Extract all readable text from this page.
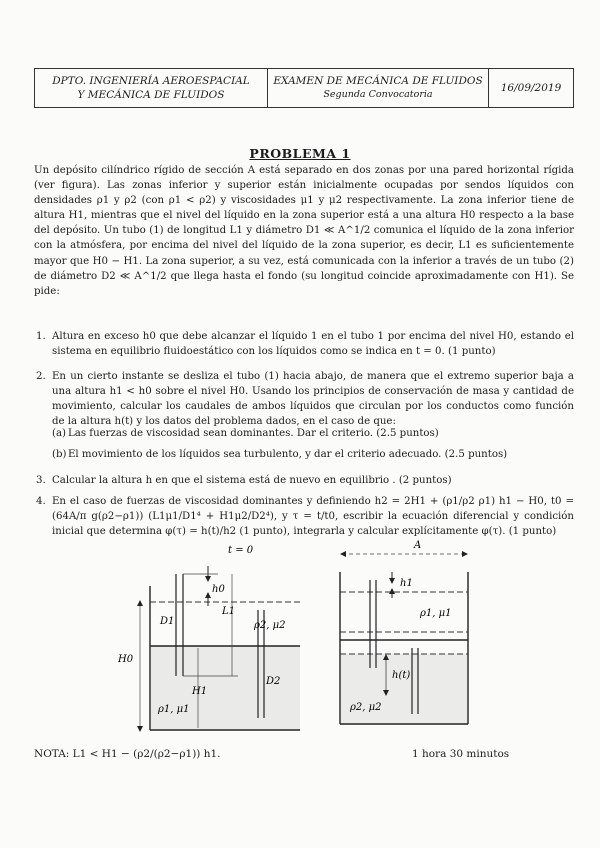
DPTO. INGENIERÍA AEROESPACIAL
Y MECÁNICA DE FLUIDOS
EXAMEN DE MECÁNICA DE FLUIDOS
Segunda Convocatoria
16/09/2019
PROBLEMA 1
Un depósito cilíndrico rígido de sección A está separado en dos zonas por una pared horizontal rígida (ver figura). Las zonas inferior y superior están inicialmente ocupadas por sendos líquidos con densidades ρ1 y ρ2 (con ρ1 < ρ2) y viscosidades μ1 y μ2 respectivamente. La zona inferior tiene de altura H1, mientras que el nivel del líquido en la zona superior está a una altura H0 respecto a la base del depósito. Un tubo (1) de longitud L1 y diámetro D1 ≪ A^1/2 comunica el líquido de la zona inferior con la atmósfera, por encima del nivel del líquido de la zona superior, es decir, L1 es suficientemente mayor que H0 − H1. La zona superior, a su vez, está comunicada con la inferior a través de un tubo (2) de diámetro D2 ≪ A^1/2 que llega hasta el fondo (su longitud coincide aproximadamente con H1). Se pide:
1. Altura en exceso h0 que debe alcanzar el líquido 1 en el tubo 1 por encima del nivel H0, estando el sistema en equilibrio fluidoestático con los líquidos como se indica en t = 0. (1 punto)
2. En un cierto instante se desliza el tubo (1) hacia abajo, de manera que el extremo superior baja a una altura h1 < h0 sobre el nivel H0. Usando los principios de conservación de masa y cantidad de movimiento, calcular los caudales de ambos líquidos que circulan por los conductos como función de la altura h(t) y los datos del problema dados, en el caso de que:
(a) Las fuerzas de viscosidad sean dominantes. Dar el criterio. (2.5 puntos)
(b) El movimiento de los líquidos sea turbulento, y dar el criterio adecuado. (2.5 puntos)
3. Calcular la altura h en que el sistema está de nuevo en equilibrio . (2 puntos)
4. En el caso de fuerzas de viscosidad dominantes y definiendo h2 = 2H1 + (ρ1/ρ2 ρ1) h1 − H0, t0 = (64A/π g(ρ2−ρ1)) (L1μ1/D1⁴ + H1μ2/D2⁴), y τ = t/t0, escribir la ecuación diferencial y condición inicial que determina φ(τ) = h(t)/h2 (1 punto), integrarla y calcular explícitamente φ(τ). (1 punto)
t = 0
h0
L1
D1	ρ2, μ2
H0
H1
D2
ρ1, μ1
A
h1
ρ1, μ1
h(t)
ρ2, μ2
NOTA: L1 < H1 − (ρ2/(ρ2−ρ1)) h1.	1 hora 30 minutos
